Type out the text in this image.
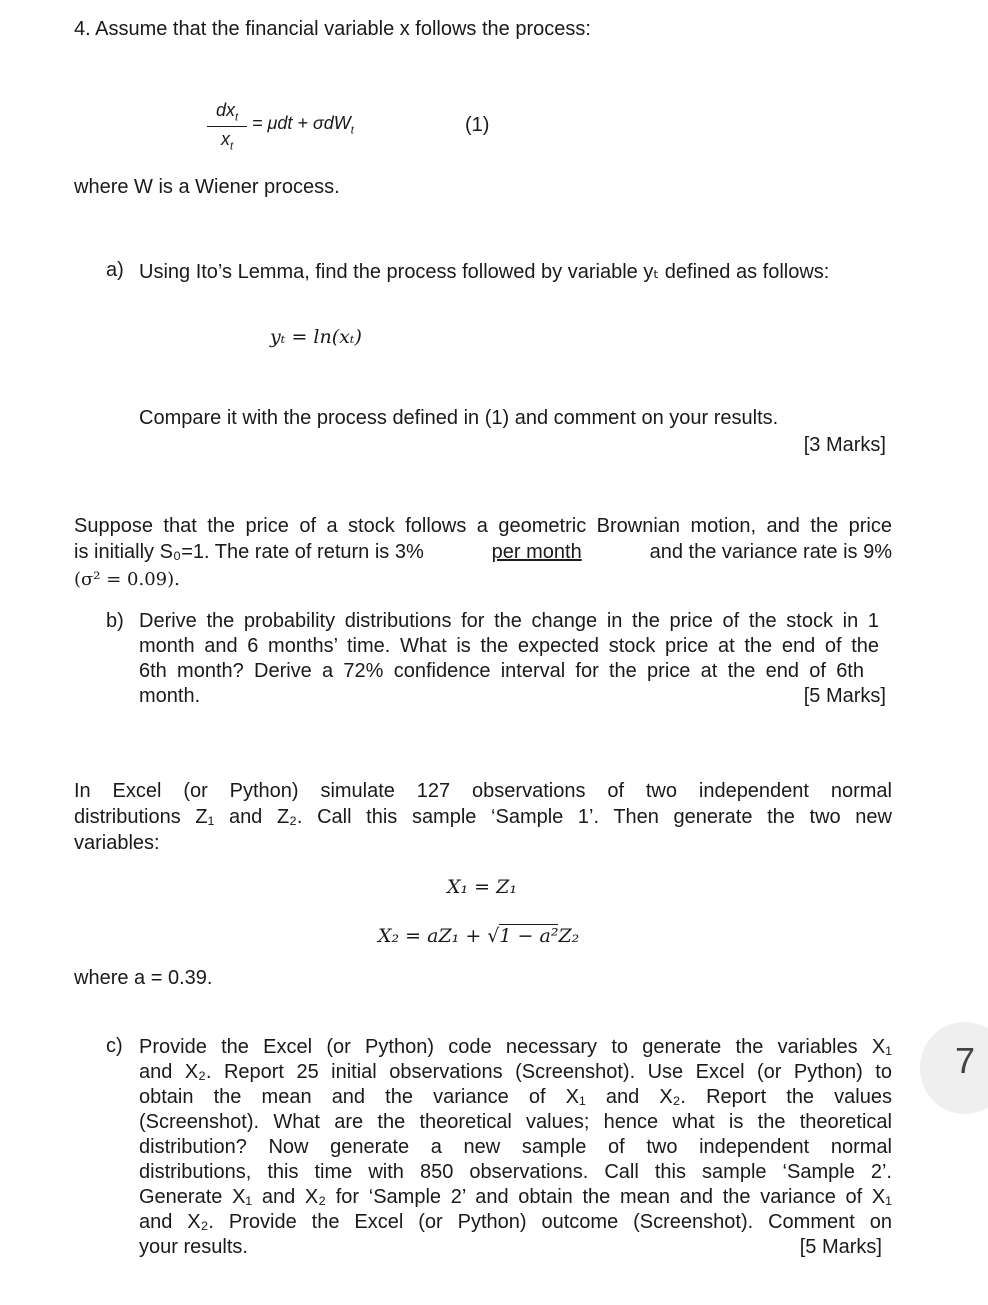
4. Assume that the financial variable x follows the process:
$dx_t$
$x_t$
= μdt + σdW$_t$	(1)
where W is a Wiener process.
a) Using Ito’s Lemma, find the process followed by variable yₜ defined as follows:
yₜ = ln(xₜ)
Compare it with the process defined in (1) and comment on your results.
[3 Marks]
Suppose that the price of a stock follows a geometric Brownian motion, and the price
is initially S₀=1. The rate of return is 3%	per month	and the variance rate is 9%
(σ² = 0.09).
b) Derive the probability distributions for the change in the price of the stock in 1
month and 6 months’ time. What is the expected stock price at the end of the
6th month? Derive a 72% confidence interval for the price at the end of 6th
month.	[5 Marks]
In Excel (or Python) simulate 127 observations of two independent normal
distributions Z₁ and Z₂. Call this sample ‘Sample 1’. Then generate the two new
variables:
X₁ = Z₁
X₂ = aZ₁ + √1 − a²Z₂
where a = 0.39.
c) Provide the Excel (or Python) code necessary to generate the variables X₁
and X₂. Report 25 initial observations (Screenshot). Use Excel (or Python) to
obtain the mean and the variance of X₁ and X₂. Report the values
(Screenshot). What are the theoretical values; hence what is the theoretical
distribution? Now generate a new sample of two independent normal
distributions, this time with 850 observations. Call this sample ‘Sample 2’.
Generate X₁ and X₂ for ‘Sample 2’ and obtain the mean and the variance of X₁
and X₂. Provide the Excel (or Python) outcome (Screenshot). Comment on
your results.	[5 Marks]
7
